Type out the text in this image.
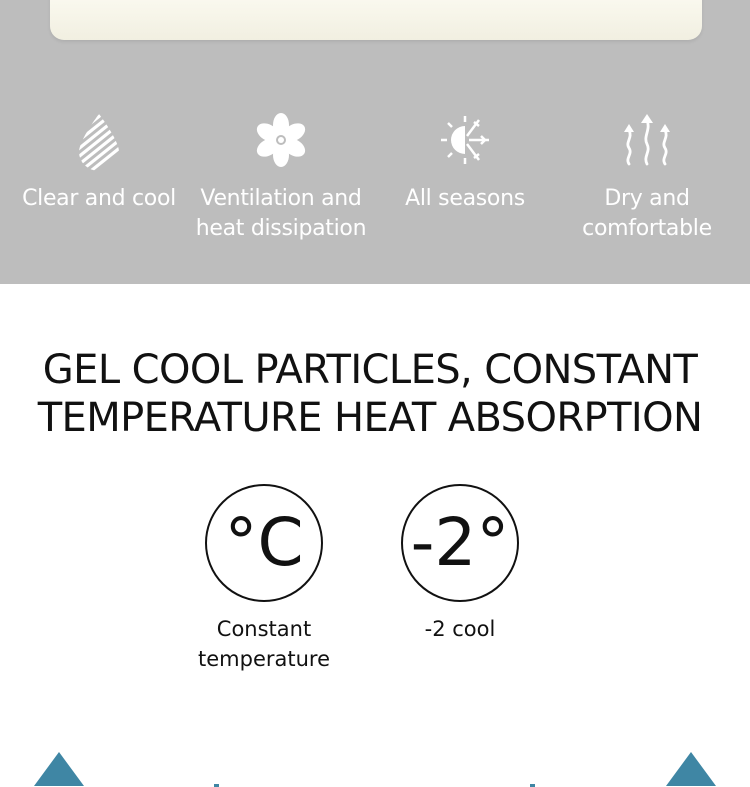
Clear and cool	Ventilation and heat dissipation
All seasons	Dry and comfortable
GEL COOL PARTICLES, CONSTANT
TEMPERATURE HEAT ABSORPTION
°C
Constant
temperature
-2°
-2 cool
